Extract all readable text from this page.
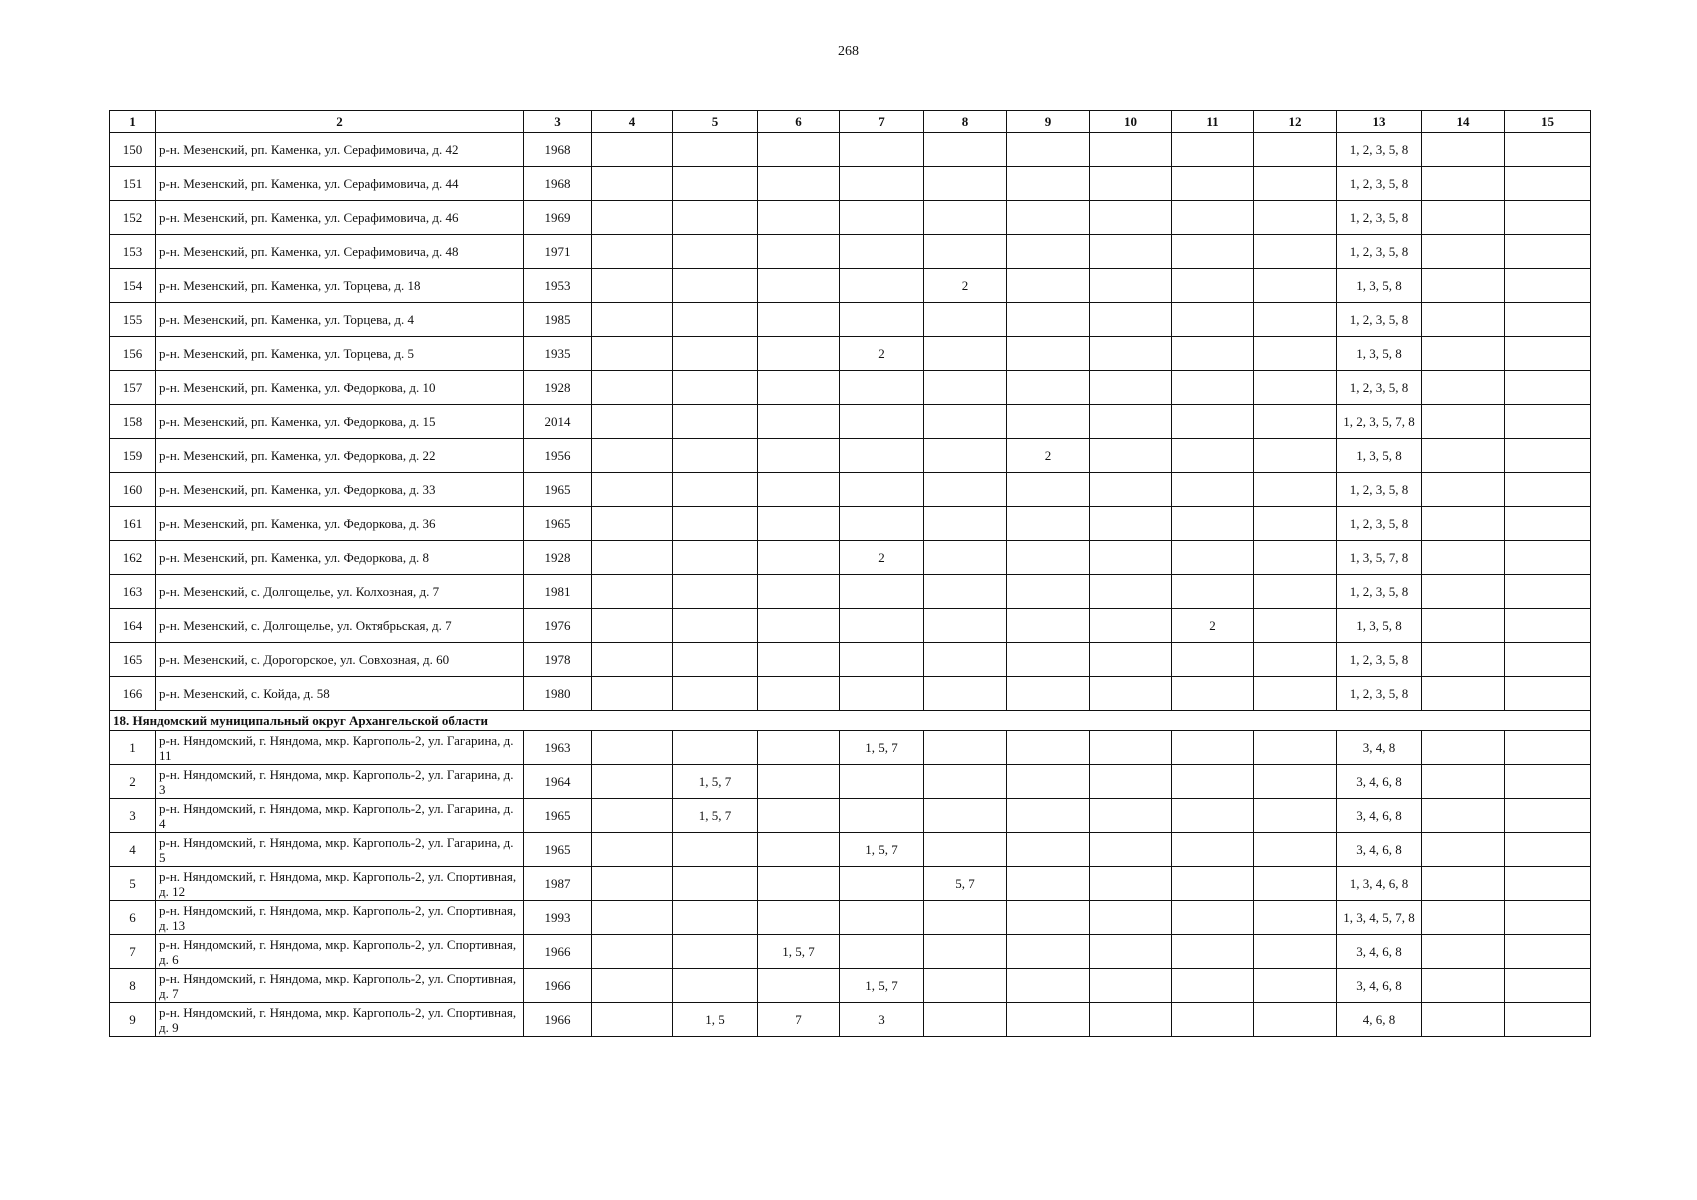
268
1	2	3	4	5	6	7	8	9	10	11	12	13	14	15
150	р-н. Мезенский, рп. Каменка, ул. Серафимовича, д. 42	1968										1, 2, 3, 5, 8		
151	р-н. Мезенский, рп. Каменка, ул. Серафимовича, д. 44	1968										1, 2, 3, 5, 8		
152	р-н. Мезенский, рп. Каменка, ул. Серафимовича, д. 46	1969										1, 2, 3, 5, 8		
153	р-н. Мезенский, рп. Каменка, ул. Серафимовича, д. 48	1971										1, 2, 3, 5, 8		
154	р-н. Мезенский, рп. Каменка, ул. Торцева, д. 18	1953					2					1, 3, 5, 8		
155	р-н. Мезенский, рп. Каменка, ул. Торцева, д. 4	1985										1, 2, 3, 5, 8		
156	р-н. Мезенский, рп. Каменка, ул. Торцева, д. 5	1935				2						1, 3, 5, 8		
157	р-н. Мезенский, рп. Каменка, ул. Федоркова, д. 10	1928										1, 2, 3, 5, 8		
158	р-н. Мезенский, рп. Каменка, ул. Федоркова, д. 15	2014										1, 2, 3, 5, 7, 8		
159	р-н. Мезенский, рп. Каменка, ул. Федоркова, д. 22	1956						2				1, 3, 5, 8		
160	р-н. Мезенский, рп. Каменка, ул. Федоркова, д. 33	1965										1, 2, 3, 5, 8		
161	р-н. Мезенский, рп. Каменка, ул. Федоркова, д. 36	1965										1, 2, 3, 5, 8		
162	р-н. Мезенский, рп. Каменка, ул. Федоркова, д. 8	1928				2						1, 3, 5, 7, 8		
163	р-н. Мезенский, с. Долгощелье, ул. Колхозная, д. 7	1981										1, 2, 3, 5, 8		
164	р-н. Мезенский, с. Долгощелье, ул. Октябрьская, д. 7	1976								2		1, 3, 5, 8		
165	р-н. Мезенский, с. Дорогорское, ул. Совхозная, д. 60	1978										1, 2, 3, 5, 8		
166	р-н. Мезенский, с. Койда, д. 58	1980										1, 2, 3, 5, 8		
18. Няндомский муниципальный округ Архангельской области														
1	р-н. Няндомский, г. Няндома, мкр. Каргополь-2, ул. Гагарина, д. 11	1963				1, 5, 7						3, 4, 8		
2	р-н. Няндомский, г. Няндома, мкр. Каргополь-2, ул. Гагарина, д. 3	1964		1, 5, 7								3, 4, 6, 8		
3	р-н. Няндомский, г. Няндома, мкр. Каргополь-2, ул. Гагарина, д. 4	1965		1, 5, 7								3, 4, 6, 8		
4	р-н. Няндомский, г. Няндома, мкр. Каргополь-2, ул. Гагарина, д. 5	1965				1, 5, 7						3, 4, 6, 8		
5	р-н. Няндомский, г. Няндома, мкр. Каргополь-2, ул. Спортивная, д. 12	1987					5, 7					1, 3, 4, 6, 8		
6	р-н. Няндомский, г. Няндома, мкр. Каргополь-2, ул. Спортивная, д. 13	1993										1, 3, 4, 5, 7, 8		
7	р-н. Няндомский, г. Няндома, мкр. Каргополь-2, ул. Спортивная, д. 6	1966			1, 5, 7							3, 4, 6, 8		
8	р-н. Няндомский, г. Няндома, мкр. Каргополь-2, ул. Спортивная, д. 7	1966				1, 5, 7						3, 4, 6, 8		
9	р-н. Няндомский, г. Няндома, мкр. Каргополь-2, ул. Спортивная, д. 9	1966		1, 5	7	3						4, 6, 8		
